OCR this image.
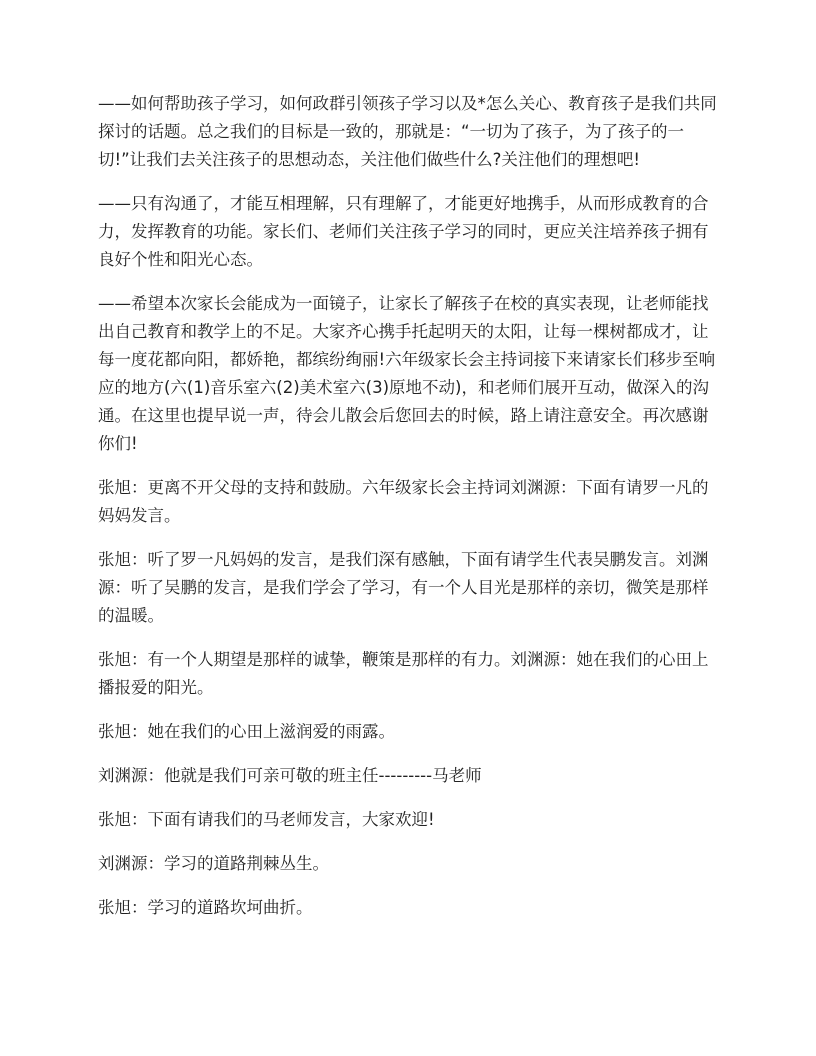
——如何帮助孩子学习，如何政群引领孩子学习以及*怎么关心、教育孩子是我们共同探讨的话题。总之我们的目标是一致的，那就是：“一切为了孩子，为了孩子的一切!”让我们去关注孩子的思想动态，关注他们做些什么?关注他们的理想吧!

——只有沟通了，才能互相理解，只有理解了，才能更好地携手，从而形成教育的合力，发挥教育的功能。家长们、老师们关注孩子学习的同时，更应关注培养孩子拥有良好个性和阳光心态。

——希望本次家长会能成为一面镜子，让家长了解孩子在校的真实表现，让老师能找出自己教育和教学上的不足。大家齐心携手托起明天的太阳，让每一棵树都成才，让每一度花都向阳，都娇艳，都缤纷绚丽!六年级家长会主持词接下来请家长们移步至响应的地方(六(1)音乐室六(2)美术室六(3)原地不动)，和老师们展开互动，做深入的沟通。在这里也提早说一声，待会儿散会后您回去的时候，路上请注意安全。再次感谢你们!

张旭：更离不开父母的支持和鼓励。六年级家长会主持词刘渊源：下面有请罗一凡的妈妈发言。

张旭：听了罗一凡妈妈的发言，是我们深有感触，下面有请学生代表吴鹏发言。刘渊源：听了吴鹏的发言，是我们学会了学习，有一个人目光是那样的亲切，微笑是那样的温暖。

张旭：有一个人期望是那样的诚挚，鞭策是那样的有力。刘渊源：她在我们的心田上播报爱的阳光。

张旭：她在我们的心田上滋润爱的雨露。

刘渊源：他就是我们可亲可敬的班主任---------马老师

张旭：下面有请我们的马老师发言，大家欢迎!

刘渊源：学习的道路荆棘丛生。

张旭：学习的道路坎坷曲折。
